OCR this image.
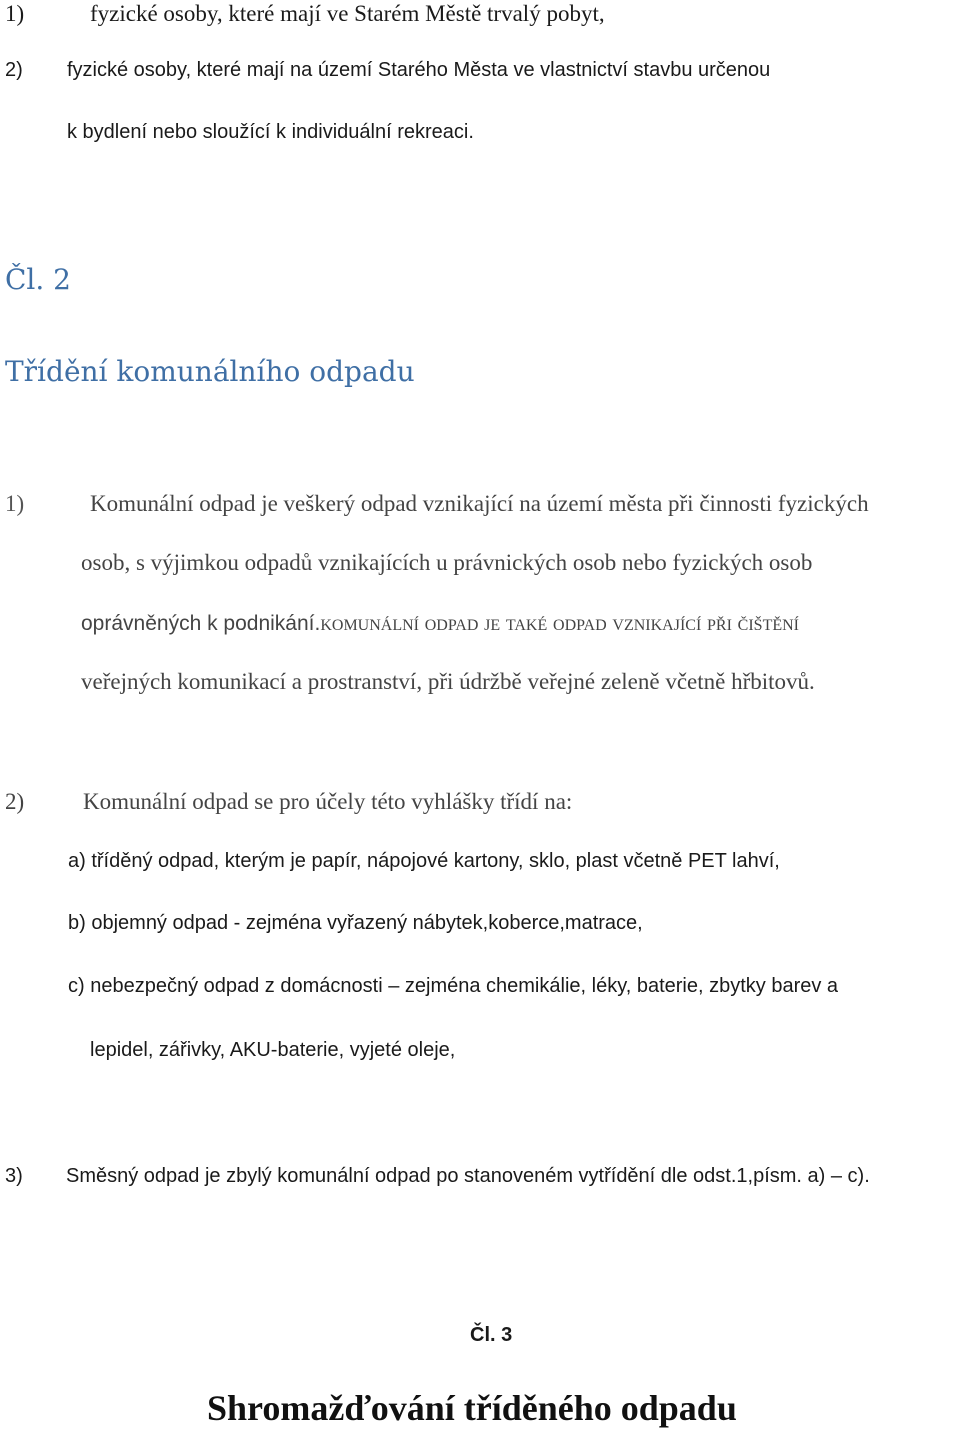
1)	fyzické osoby, které mají ve Starém Městě trvalý pobyt,
2) fyzické osoby, které mají na území Starého Města ve vlastnictví stavbu určenou
k bydlení nebo sloužící k individuální rekreaci.
Čl. 2
Třídění komunálního odpadu
1)	Komunální odpad je veškerý odpad vznikající na území města při činnosti fyzických
osob, s výjimkou odpadů vznikajících u právnických osob nebo fyzických osob
oprávněných k podnikání.komunální odpad je také odpad vznikající při čištění
veřejných komunikací a prostranství, při údržbě veřejné zeleně včetně hřbitovů.
2)	Komunální odpad se pro účely této vyhlášky třídí na:
a) tříděný odpad, kterým je papír, nápojové kartony, sklo, plast včetně PET lahví,
b) objemný odpad - zejména vyřazený nábytek,koberce,matrace,
c) nebezpečný odpad z domácnosti – zejména chemikálie, léky, baterie, zbytky barev a
lepidel, zářivky, AKU-baterie, vyjeté oleje,
3) Směsný odpad je zbylý komunální odpad po stanoveném vytřídění dle odst.1,písm. a) – c).
Čl. 3
Shromažďování tříděného odpadu
